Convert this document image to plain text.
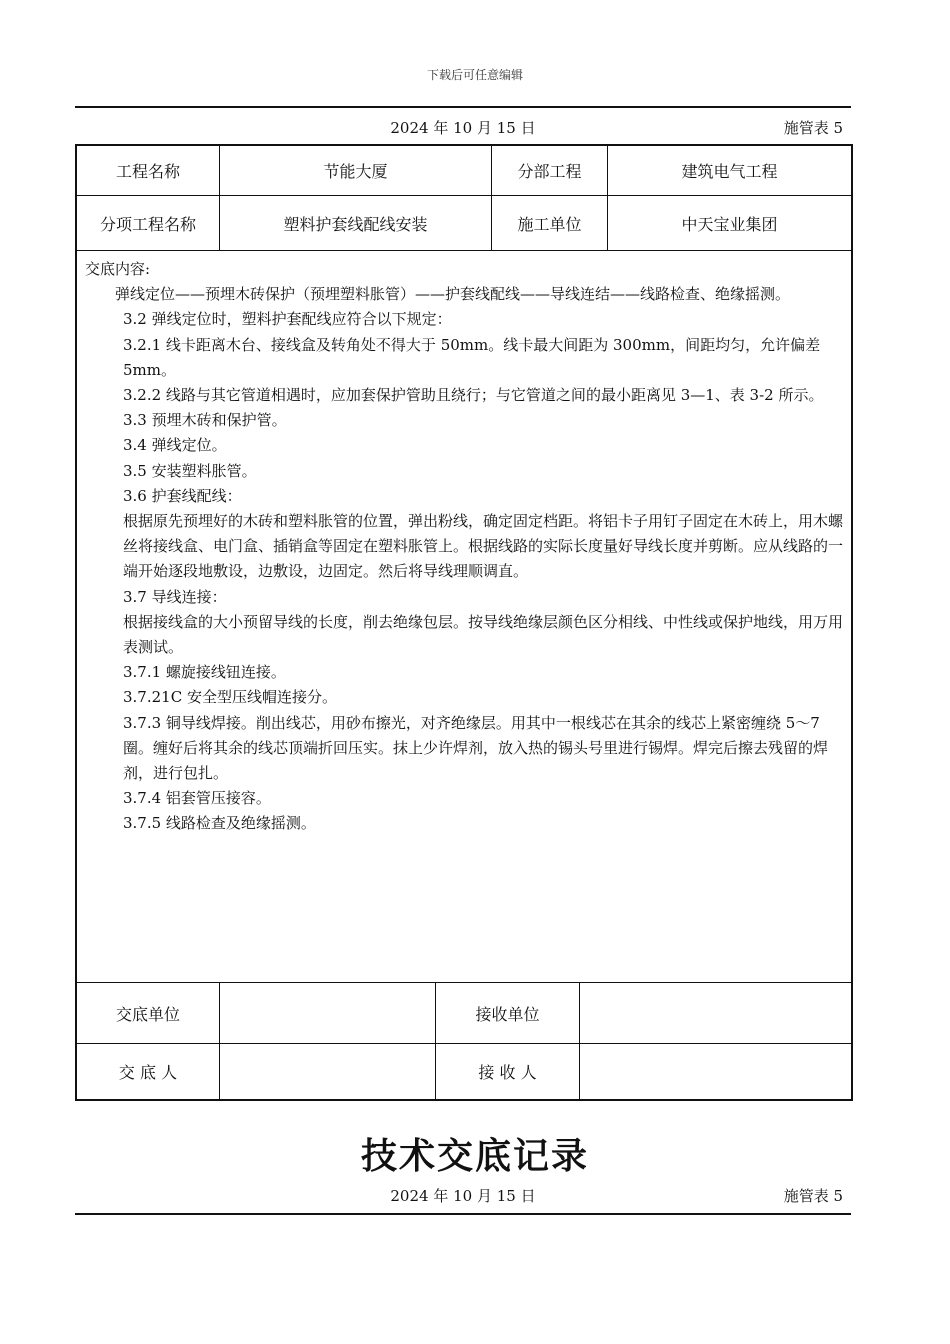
下载后可任意编辑
2024 年 10 月 15 日	施管表 5
工程名称	节能大厦	分部工程	建筑电气工程
分项工程名称	塑料护套线配线安装	施工单位	中天宝业集团

交底内容:

弹线定位——预埋木砖保护（预埋塑料胀管）——护套线配线——导线连结——线路检查、绝缘摇测。

3.2 弹线定位时，塑料护套配线应符合以下规定：

3.2.1 线卡距离木台、接线盒及转角处不得大于 50mm。线卡最大间距为 300mm，间距均匀，允许偏差 5mm。

3.2.2 线路与其它管道相遇时，应加套保护管助且绕行；与它管道之间的最小距离见 3—1、表 3-2 所示。

3.3 预埋木砖和保护管。

3.4 弹线定位。

3.5 安装塑料胀管。

3.6 护套线配线：

根据原先预埋好的木砖和塑料胀管的位置，弹出粉线，确定固定档距。将铝卡子用钉子固定在木砖上，用木螺丝将接线盒、电门盒、插销盒等固定在塑料胀管上。根据线路的实际长度量好导线长度并剪断。应从线路的一端开始逐段地敷设，边敷设，边固定。然后将导线理顺调直。

3.7 导线连接：

根据接线盒的大小预留导线的长度，削去绝缘包层。按导线绝缘层颜色区分相线、中性线或保护地线，用万用表测试。

3.7.1 螺旋接线钮连接。

3.7.21C 安全型压线帽连接分。

3.7.3 铜导线焊接。削出线芯，用砂布擦光，对齐绝缘层。用其中一根线芯在其余的线芯上紧密缠绕 5～7 圈。缠好后将其余的线芯顶端折回压实。抹上少许焊剂，放入热的锡头号里进行锡焊。焊完后擦去残留的焊剂，进行包扎。

3.7.4 铝套管压接容。

3.7.5 线路检查及绝缘摇测。

交底单位	接收单位
交 底 人	接 收 人
技术交底记录
2024 年 10 月 15 日	施管表 5
